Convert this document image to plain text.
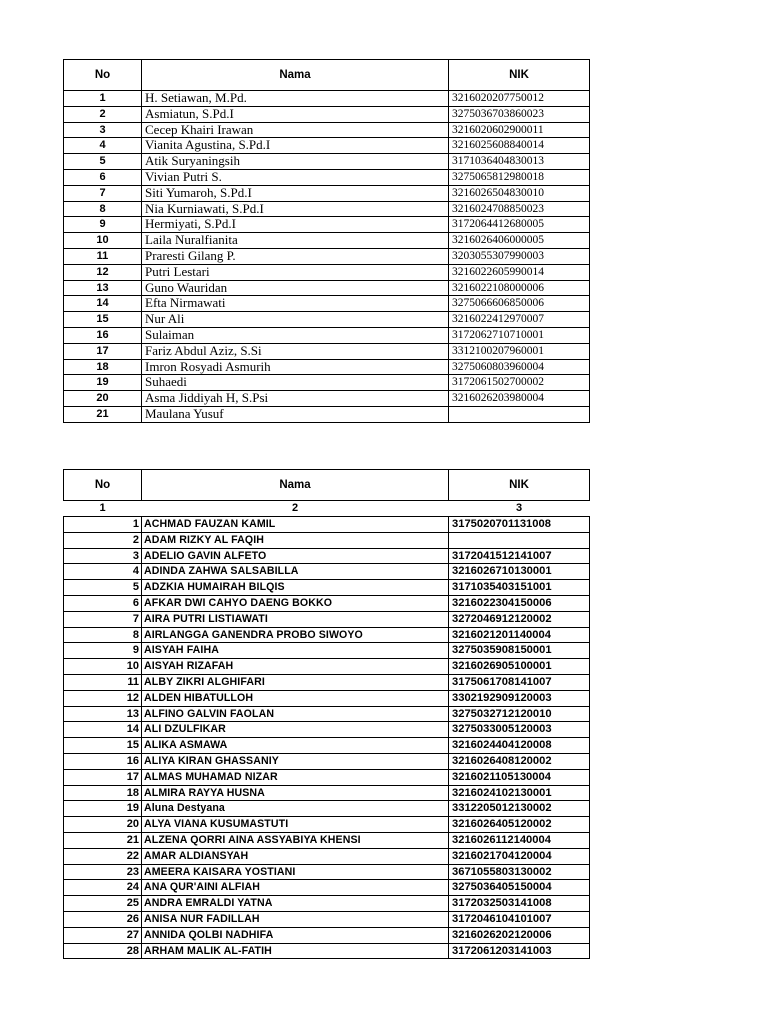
No	Nama	NIK
1	H. Setiawan, M.Pd.	3216020207750012
2	Asmiatun, S.Pd.I	3275036703860023
3	Cecep Khairi Irawan	3216020602900011
4	Vianita Agustina, S.Pd.I	3216025608840014
5	Atik Suryaningsih	3171036404830013
6	Vivian Putri S.	3275065812980018
7	Siti Yumaroh, S.Pd.I	3216026504830010
8	Nia Kurniawati, S.Pd.I	3216024708850023
9	Hermiyati, S.Pd.I	3172064412680005
10	Laila Nuralfianita	3216026406000005
11	Praresti Gilang P.	3203055307990003
12	Putri Lestari	3216022605990014
13	Guno Wauridan	3216022108000006
14	Efta Nirmawati	3275066606850006
15	Nur Ali	3216022412970007
16	Sulaiman	3172062710710001
17	Fariz Abdul Aziz, S.Si	3312100207960001
18	Imron Rosyadi Asmurih	3275060803960004
19	Suhaedi	3172061502700002
20	Asma Jiddiyah H, S.Psi	3216026203980004
21	Maulana Yusuf	
No	Nama	NIK
1	2	3
1	ACHMAD FAUZAN KAMIL	3175020701131008
2	ADAM RIZKY AL FAQIH	
3	ADELIO GAVIN ALFETO	3172041512141007
4	ADINDA ZAHWA SALSABILLA	3216026710130001
5	ADZKIA HUMAIRAH BILQIS	3171035403151001
6	AFKAR DWI CAHYO DAENG BOKKO	3216022304150006
7	AIRA PUTRI LISTIAWATI	3272046912120002
8	AIRLANGGA GANENDRA PROBO SIWOYO	3216021201140004
9	AISYAH FAIHA	3275035908150001
10	AISYAH RIZAFAH	3216026905100001
11	ALBY ZIKRI ALGHIFARI	3175061708141007
12	ALDEN HIBATULLOH	3302192909120003
13	ALFINO GALVIN FAOLAN	3275032712120010
14	ALI DZULFIKAR	3275033005120003
15	ALIKA ASMAWA	3216024404120008
16	ALIYA KIRAN GHASSANIY	3216026408120002
17	ALMAS MUHAMAD NIZAR	3216021105130004
18	ALMIRA RAYYA HUSNA	3216024102130001
19	Aluna Destyana	3312205012130002
20	ALYA VIANA KUSUMASTUTI	3216026405120002
21	ALZENA QORRI AINA ASSYABIYA KHENSI	3216026112140004
22	AMAR ALDIANSYAH	3216021704120004
23	AMEERA KAISARA YOSTIANI	3671055803130002
24	ANA QUR'AINI ALFIAH	3275036405150004
25	ANDRA EMRALDI YATNA	3172032503141008
26	ANISA NUR FADILLAH	3172046104101007
27	ANNIDA QOLBI NADHIFA	3216026202120006
28	ARHAM MALIK AL-FATIH	3172061203141003
